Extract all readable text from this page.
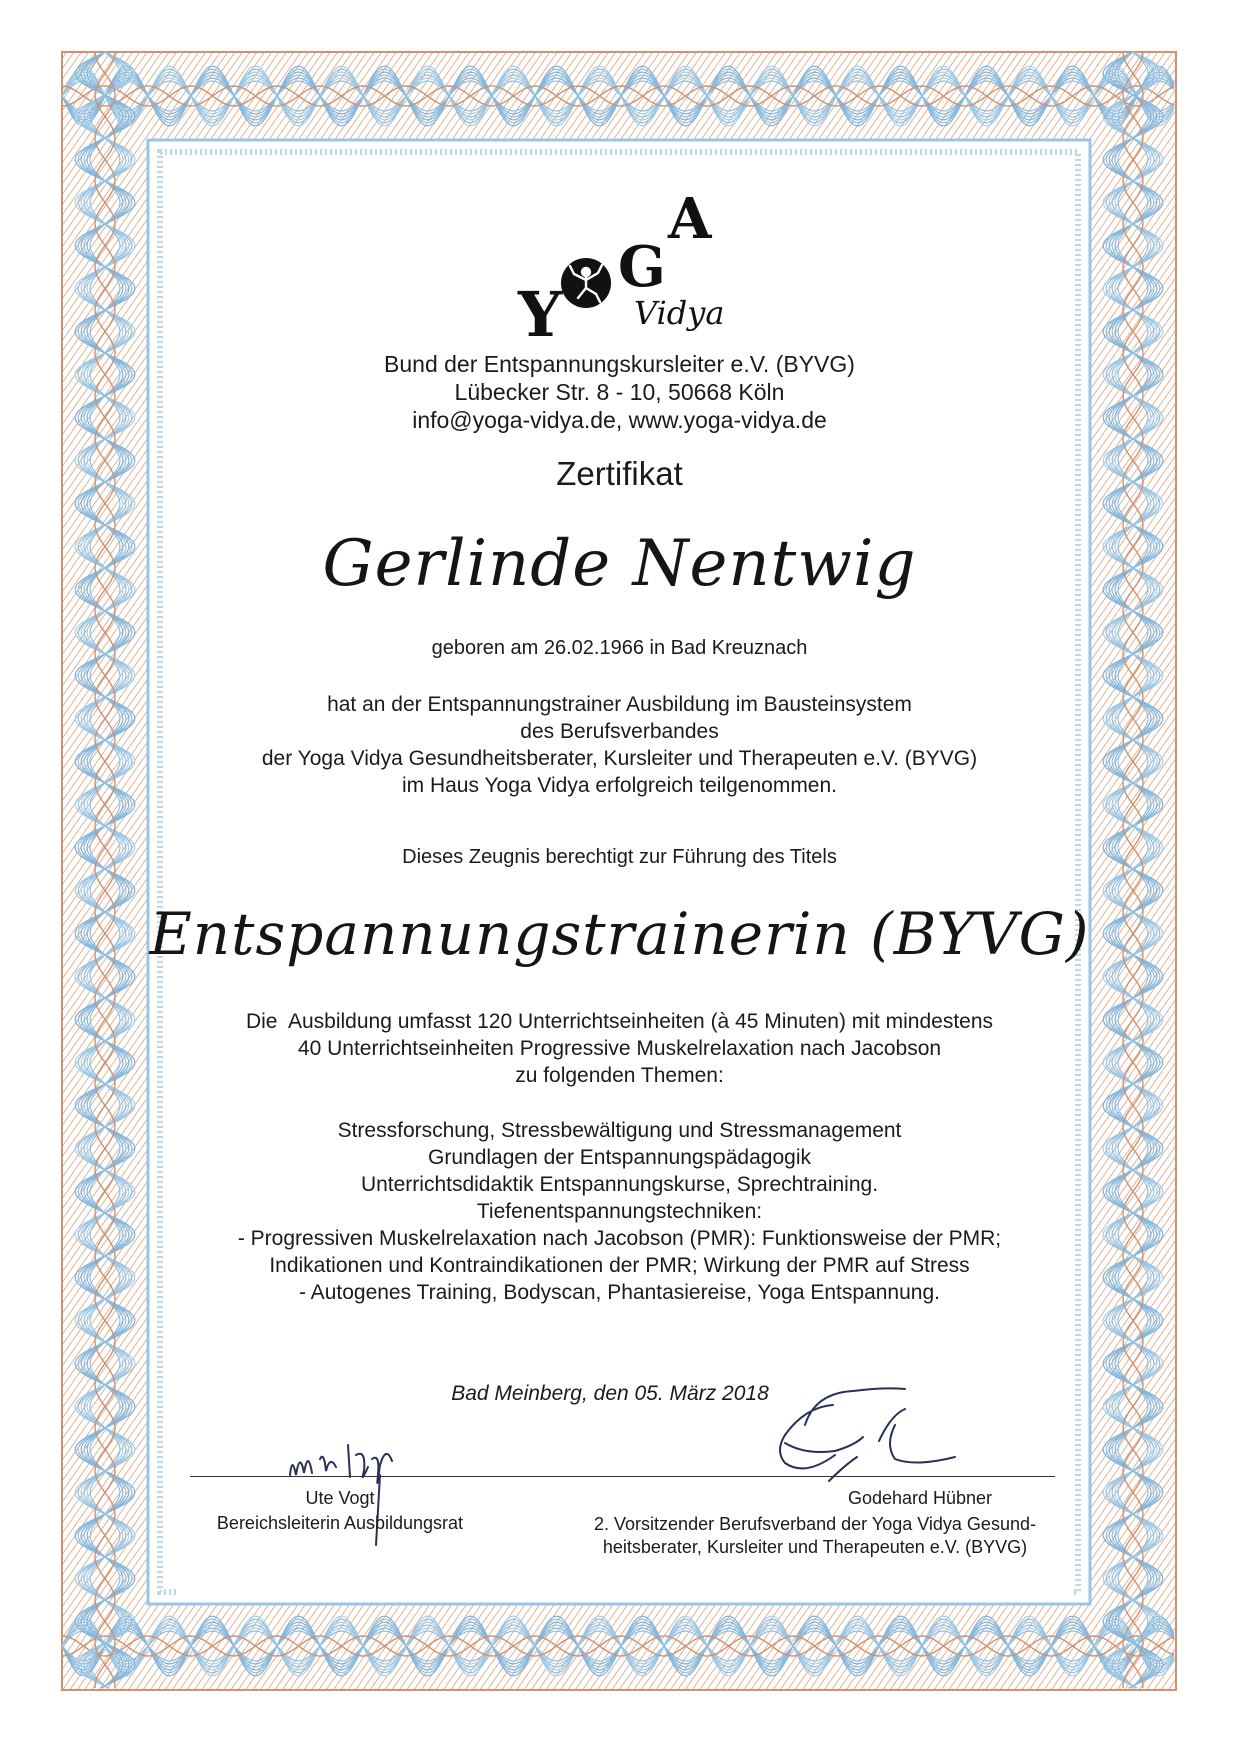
Y
G
A
Vidya
Bund der Entspannungskursleiter e.V. (BYVG)
Lübecker Str. 8 - 10, 50668 Köln
info@yoga-vidya.de, www.yoga-vidya.de
Zertifikat
Gerlinde Nentwig
geboren am 26.02.1966 in Bad Kreuznach
hat an der Entspannungstrainer Ausbildung im Bausteinsystem
des Berufsverbandes
der Yoga Vidya Gesundheitsberater, Kursleiter und Therapeuten e.V. (BYVG)
im Haus Yoga Vidya erfolgreich teilgenommen.
Dieses Zeugnis berechtigt zur Führung des Titels
Entspannungstrainerin (BYVG)
Die  Ausbildung umfasst 120 Unterrichtseinheiten (à 45 Minuten) mit mindestens
40 Unterrichtseinheiten Progressive Muskelrelaxation nach Jacobson
zu folgenden Themen:
Stressforschung, Stressbewältigung und Stressmanagement
Grundlagen der Entspannungspädagogik
Unterrichtsdidaktik Entspannungskurse, Sprechtraining.
Tiefenentspannungstechniken:
- Progressiven Muskelrelaxation nach Jacobson (PMR): Funktionsweise der PMR;
Indikationen und Kontraindikationen der PMR; Wirkung der PMR auf Stress
- Autogenes Training, Bodyscan, Phantasiereise, Yoga Entspannung.
Bad Meinberg, den 05. März 2018
Ute Vogt
Bereichsleiterin Ausbildungsrat
Godehard Hübner
2. Vorsitzender Berufsverband der Yoga Vidya Gesund-
heitsberater, Kursleiter und Therapeuten e.V. (BYVG)
